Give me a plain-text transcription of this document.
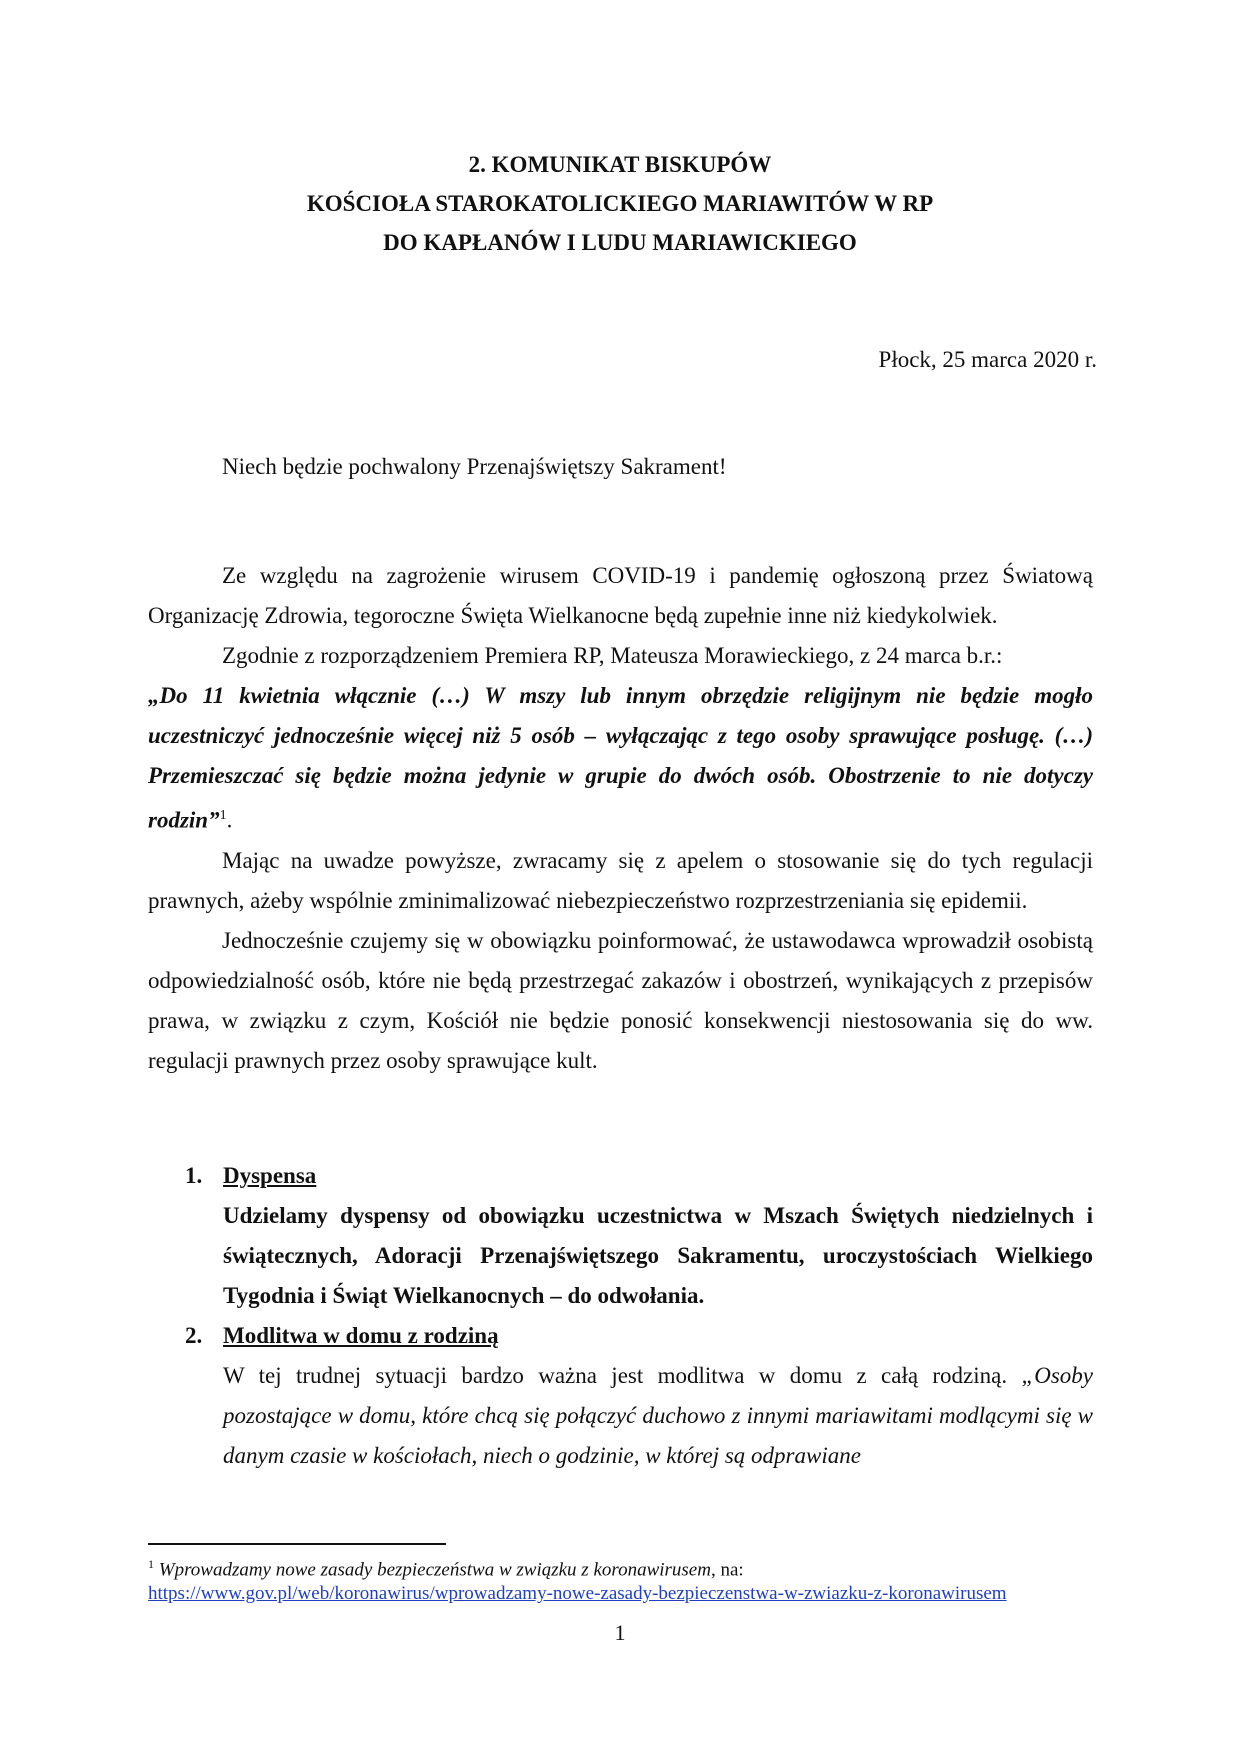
2. KOMUNIKAT BISKUPÓW
KOŚCIOŁA STAROKATOLICKIEGO MARIAWITÓW W RP
DO KAPŁANÓW I LUDU MARIAWICKIEGO
Płock, 25 marca 2020 r.
Niech będzie pochwalony Przenajświętszy Sakrament!

Ze względu na zagrożenie wirusem COVID-19 i pandemię ogłoszoną przez Światową Organizację Zdrowia, tegoroczne Święta Wielkanocne będą zupełnie inne niż kiedykolwiek.

Zgodnie z rozporządzeniem Premiera RP, Mateusza Morawieckiego, z 24 marca b.r.:

„Do 11 kwietnia włącznie (…) W mszy lub innym obrzędzie religijnym nie będzie mogło uczestniczyć jednocześnie więcej niż 5 osób – wyłączając z tego osoby sprawujące posługę. (…) Przemieszczać się będzie można jedynie w grupie do dwóch osób. Obostrzenie to nie dotyczy rodzin”$^1$.

Mając na uwadze powyższe, zwracamy się z apelem o stosowanie się do tych regulacji prawnych, ażeby wspólnie zminimalizować niebezpieczeństwo rozprzestrzeniania się epidemii.

Jednocześnie czujemy się w obowiązku poinformować, że ustawodawca wprowadził osobistą odpowiedzialność osób, które nie będą przestrzegać zakazów i obostrzeń, wynikających z przepisów prawa, w związku z czym, Kościół nie będzie ponosić konsekwencji niestosowania się do ww. regulacji prawnych przez osoby sprawujące kult.

1. Dyspensa
Udzielamy dyspensy od obowiązku uczestnictwa w Mszach Świętych niedzielnych i świątecznych, Adoracji Przenajświętszego Sakramentu, uroczystościach Wielkiego Tygodnia i Świąt Wielkanocnych – do odwołania.
2. Modlitwa w domu z rodziną
W tej trudnej sytuacji bardzo ważna jest modlitwa w domu z całą rodziną. „Osoby pozostające w domu, które chcą się połączyć duchowo z innymi mariawitami modlącymi się w danym czasie w kościołach, niech o godzinie, w której są odprawiane
$^1$ Wprowadzamy nowe zasady bezpieczeństwa w związku z koronawirusem, na:
https://www.gov.pl/web/koronawirus/wprowadzamy-nowe-zasady-bezpieczenstwa-w-zwiazku-z-koronawirusem
1
